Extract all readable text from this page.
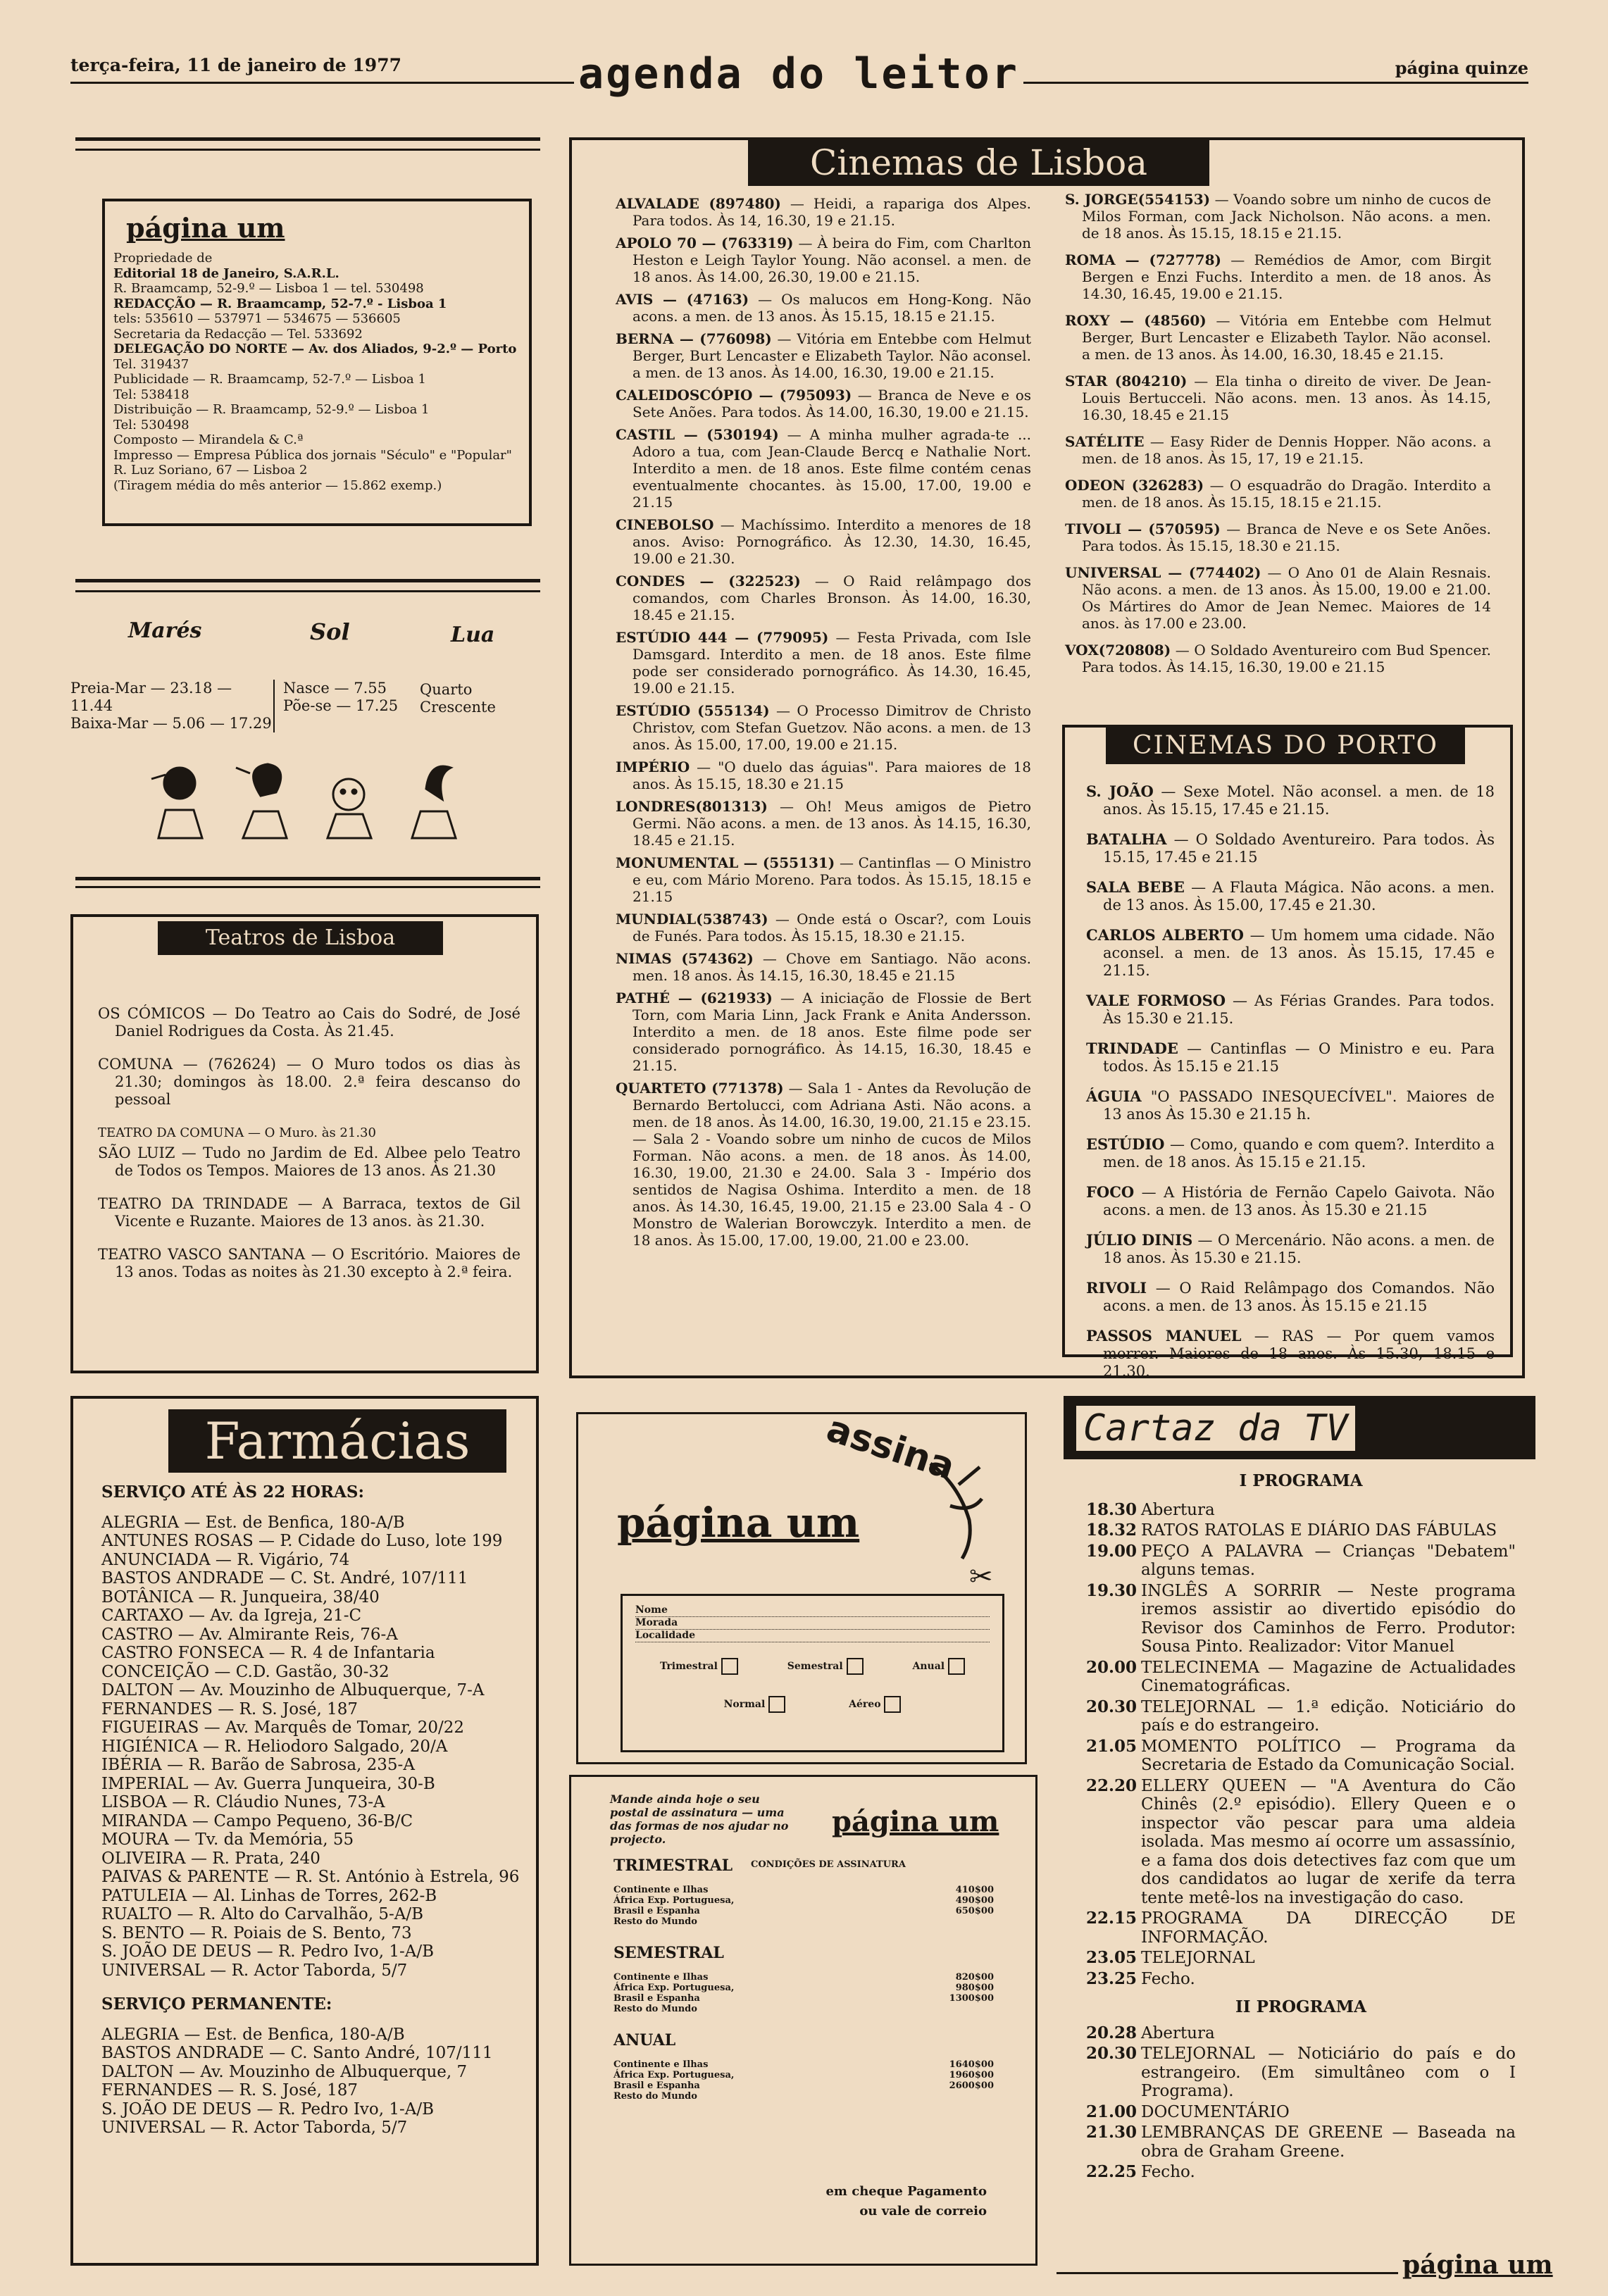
terça-feira, 11 de janeiro de 1977	agenda do leitor	página quinze
página um
Propriedade de
Editorial 18 de Janeiro, S.A.R.L.
R. Braamcamp, 52-9.º — Lisboa 1 — tel. 530498
REDACÇÃO — R. Braamcamp, 52-7.º - Lisboa 1
tels: 535610 — 537971 — 534675 — 536605
Secretaria da Redacção — Tel. 533692
DELEGAÇÃO DO NORTE — Av. dos Aliados, 9-2.º — Porto
Tel. 319437
Publicidade — R. Braamcamp, 52-7.º — Lisboa 1
Tel: 538418
Distribuição — R. Braamcamp, 52-9.º — Lisboa 1
Tel: 530498
Composto — Mirandela & C.ª
Impresso — Empresa Pública dos jornais "Século" e "Popular"
R. Luz Soriano, 67 — Lisboa 2
(Tiragem média do mês anterior — 15.862 exemp.)
Marés	Sol	Lua
Preia-Mar — 23.18 — 11.44
Baixa-Mar — 5.06 — 17.29
Nasce — 7.55
Põe-se — 17.25
Quarto Crescente
Teatros de Lisboa
OS CÓMICOS — Do Teatro ao Cais do Sodré, de José Daniel Rodrigues da Costa. Às 21.45.
COMUNA — (762624) — O Muro todos os dias às 21.30; domingos às 18.00. 2.ª feira descanso do pessoal
TEATRO DA COMUNA — O Muro. às 21.30
SÃO LUIZ — Tudo no Jardim de Ed. Albee pelo Teatro de Todos os Tempos. Maiores de 13 anos. Às 21.30
TEATRO DA TRINDADE — A Barraca, textos de Gil Vicente e Ruzante. Maiores de 13 anos. às 21.30.
TEATRO VASCO SANTANA — O Escritório. Maiores de 13 anos. Todas as noites às 21.30 excepto à 2.ª feira.
Cinemas de Lisboa
ALVALADE (897480) — Heidi, a rapariga dos Alpes. Para todos. Às 14, 16.30, 19 e 21.15.
APOLO 70 — (763319) — À beira do Fim, com Charlton Heston e Leigh Taylor Young. Não aconsel. a men. de 18 anos. Às 14.00, 26.30, 19.00 e 21.15.
AVIS — (47163) — Os malucos em Hong-Kong. Não acons. a men. de 13 anos. Às 15.15, 18.15 e 21.15.
BERNA — (776098) — Vitória em Entebbe com Helmut Berger, Burt Lencaster e Elizabeth Taylor. Não aconsel. a men. de 13 anos. Às 14.00, 16.30, 19.00 e 21.15.
CALEIDOSCÓPIO — (795093) — Branca de Neve e os Sete Anões. Para todos. Às 14.00, 16.30, 19.00 e 21.15.
CASTIL — (530194) — A minha mulher agrada-te ... Adoro a tua, com Jean-Claude Bercq e Nathalie Nort. Interdito a men. de 18 anos. Este filme contém cenas eventualmente chocantes. às 15.00, 17.00, 19.00 e 21.15
CINEBOLSO — Machíssimo. Interdito a menores de 18 anos. Aviso: Pornográfico. Às 12.30, 14.30, 16.45, 19.00 e 21.30.
CONDES — (322523) — O Raid relâmpago dos comandos, com Charles Bronson. Às 14.00, 16.30, 18.45 e 21.15.
ESTÚDIO 444 — (779095) — Festa Privada, com Isle Damsgard. Interdito a men. de 18 anos. Este filme pode ser considerado pornográfico. Às 14.30, 16.45, 19.00 e 21.15.
ESTÚDIO (555134) — O Processo Dimitrov de Christo Christov, com Stefan Guetzov. Não acons. a men. de 13 anos. Às 15.00, 17.00, 19.00 e 21.15.
IMPÉRIO — "O duelo das águias". Para maiores de 18 anos. Às 15.15, 18.30 e 21.15
LONDRES(801313) — Oh! Meus amigos de Pietro Germi. Não acons. a men. de 13 anos. Às 14.15, 16.30, 18.45 e 21.15.
MONUMENTAL — (555131) — Cantinflas — O Ministro e eu, com Mário Moreno. Para todos. Às 15.15, 18.15 e 21.15
MUNDIAL(538743) — Onde está o Oscar?, com Louis de Funés. Para todos. Às 15.15, 18.30 e 21.15.
NIMAS (574362) — Chove em Santiago. Não acons. men. 18 anos. Às 14.15, 16.30, 18.45 e 21.15
PATHÉ — (621933) — A iniciação de Flossie de Bert Torn, com Maria Linn, Jack Frank e Anita Andersson. Interdito a men. de 18 anos. Este filme pode ser considerado pornográfico. Às 14.15, 16.30, 18.45 e 21.15.
QUARTETO (771378) — Sala 1 - Antes da Revolução de Bernardo Bertolucci, com Adriana Asti. Não acons. a men. de 18 anos. Às 14.00, 16.30, 19.00, 21.15 e 23.15. — Sala 2 - Voando sobre um ninho de cucos de Milos Forman. Não acons. a men. de 18 anos. Às 14.00, 16.30, 19.00, 21.30 e 24.00. Sala 3 - Império dos sentidos de Nagisa Oshima. Interdito a men. de 18 anos. Às 14.30, 16.45, 19.00, 21.15 e 23.00 Sala 4 - O Monstro de Walerian Borowczyk. Interdito a men. de 18 anos. Às 15.00, 17.00, 19.00, 21.00 e 23.00.
S. JORGE(554153) — Voando sobre um ninho de cucos de Milos Forman, com Jack Nicholson. Não acons. a men. de 18 anos. Às 15.15, 18.15 e 21.15.
ROMA — (727778) — Remédios de Amor, com Birgit Bergen e Enzi Fuchs. Interdito a men. de 18 anos. Às 14.30, 16.45, 19.00 e 21.15.
ROXY — (48560) — Vitória em Entebbe com Helmut Berger, Burt Lencaster e Elizabeth Taylor. Não aconsel. a men. de 13 anos. Às 14.00, 16.30, 18.45 e 21.15.
STAR (804210) — Ela tinha o direito de viver. De Jean-Louis Bertucceli. Não acons. men. 13 anos. Às 14.15, 16.30, 18.45 e 21.15
SATÉLITE — Easy Rider de Dennis Hopper. Não acons. a men. de 18 anos. Às 15, 17, 19 e 21.15.
ODEON (326283) — O esquadrão do Dragão. Interdito a men. de 18 anos. Às 15.15, 18.15 e 21.15.
TIVOLI — (570595) — Branca de Neve e os Sete Anões. Para todos. Às 15.15, 18.30 e 21.15.
UNIVERSAL — (774402) — O Ano 01 de Alain Resnais. Não acons. a men. de 13 anos. Às 15.00, 19.00 e 21.00. Os Mártires do Amor de Jean Nemec. Maiores de 14 anos. às 17.00 e 23.00.
VOX(720808) — O Soldado Aventureiro com Bud Spencer. Para todos. Às 14.15, 16.30, 19.00 e 21.15
CINEMAS DO PORTO
S. JOÃO — Sexe Motel. Não aconsel. a men. de 18 anos. Às 15.15, 17.45 e 21.15.
BATALHA — O Soldado Aventureiro. Para todos. Às 15.15, 17.45 e 21.15
SALA BEBE — A Flauta Mágica. Não acons. a men. de 13 anos. Às 15.00, 17.45 e 21.30.
CARLOS ALBERTO — Um homem uma cidade. Não aconsel. a men. de 13 anos. Às 15.15, 17.45 e 21.15.
VALE FORMOSO — As Férias Grandes. Para todos. Às 15.30 e 21.15.
TRINDADE — Cantinflas — O Ministro e eu. Para todos. Às 15.15 e 21.15
ÁGUIA "O PASSADO INESQUECÍVEL". Maiores de 13 anos Às 15.30 e 21.15 h.
ESTÚDIO — Como, quando e com quem?. Interdito a men. de 18 anos. Às 15.15 e 21.15.
FOCO — A História de Fernão Capelo Gaivota. Não acons. a men. de 13 anos. Às 15.30 e 21.15
JÚLIO DINIS — O Mercenário. Não acons. a men. de 18 anos. Às 15.30 e 21.15.
RIVOLI — O Raid Relâmpago dos Comandos. Não acons. a men. de 13 anos. Às 15.15 e 21.15
PASSOS MANUEL — RAS — Por quem vamos morrer. Maiores de 18 anos. Às 15.30, 18.15 e 21.30.
Farmácias
SERVIÇO ATÉ ÀS 22 HORAS:
ALEGRIA — Est. de Benfica, 180-A/B
ANTUNES ROSAS — P. Cidade do Luso, lote 199
ANUNCIADA — R. Vigário, 74
BASTOS ANDRADE — C. St. André, 107/111
BOTÂNICA — R. Junqueira, 38/40
CARTAXO — Av. da Igreja, 21-C
CASTRO — Av. Almirante Reis, 76-A
CASTRO FONSECA — R. 4 de Infantaria
CONCEIÇÃO — C.D. Gastão, 30-32
DALTON — Av. Mouzinho de Albuquerque, 7-A
FERNANDES — R. S. José, 187
FIGUEIRAS — Av. Marquês de Tomar, 20/22
HIGIÉNICA — R. Heliodoro Salgado, 20/A
IBÉRIA — R. Barão de Sabrosa, 235-A
IMPERIAL — Av. Guerra Junqueira, 30-B
LISBOA — R. Cláudio Nunes, 73-A
MIRANDA — Campo Pequeno, 36-B/C
MOURA — Tv. da Memória, 55
OLIVEIRA — R. Prata, 240
PAIVAS & PARENTE — R. St. António à Estrela, 96
PATULEIA — Al. Linhas de Torres, 262-B
RUALTO — R. Alto do Carvalhão, 5-A/B
S. BENTO — R. Poiais de S. Bento, 73
S. JOÃO DE DEUS — R. Pedro Ivo, 1-A/B
UNIVERSAL — R. Actor Taborda, 5/7
SERVIÇO PERMANENTE:
ALEGRIA — Est. de Benfica, 180-A/B
BASTOS ANDRADE — C. Santo André, 107/111
DALTON — Av. Mouzinho de Albuquerque, 7
FERNANDES — R. S. José, 187
S. JOÃO DE DEUS — R. Pedro Ivo, 1-A/B
UNIVERSAL — R. Actor Taborda, 5/7
assina
página um
✂
Nome
Morada
Localidade
Trimestral	Semestral	Anual
Normal	Aéreo
Mande ainda hoje o seu postal de assinatura — uma das formas de nos ajudar no projecto.
página um
CONDIÇÕES DE ASSINATURA
TRIMESTRAL
Continente e Ilhas	410$00
África Exp. Portuguesa,	490$00
Brasil e Espanha	650$00
Resto do Mundo
SEMESTRAL
Continente e Ilhas	820$00
África Exp. Portuguesa,	980$00
Brasil e Espanha	1300$00
Resto do Mundo
ANUAL
Continente e Ilhas	1640$00
África Exp. Portuguesa,	1960$00
Brasil e Espanha	2600$00
Resto do Mundo
em cheque Pagamento ou vale de correio
Cartaz da TV
I PROGRAMA
18.30 Abertura
18.32 RATOS RATOLAS E DIÁRIO DAS FÁBULAS
19.00 PEÇO A PALAVRA — Crianças "Debatem" alguns temas.
19.30 INGLÊS A SORRIR — Neste programa iremos assistir ao divertido episódio do Revisor dos Caminhos de Ferro. Produtor: Sousa Pinto. Realizador: Vitor Manuel
20.00 TELECINEMA — Magazine de Actualidades Cinematográficas.
20.30 TELEJORNAL — 1.ª edição. Noticiário do país e do estrangeiro.
21.05 MOMENTO POLÍTICO — Programa da Secretaria de Estado da Comunicação Social.
22.20 ELLERY QUEEN — "A Aventura do Cão Chinês (2.º episódio). Ellery Queen e o inspector vão pescar para uma aldeia isolada. Mas mesmo aí ocorre um assassínio, e a fama dos dois detectives faz com que um dos candidatos ao lugar de xerife da terra tente metê-los na investigação do caso.
22.15 PROGRAMA DA DIRECÇÃO DE INFORMAÇÃO.
23.05 TELEJORNAL
23.25 Fecho.
II PROGRAMA
20.28 Abertura
20.30 TELEJORNAL — Noticiário do país e do estrangeiro. (Em simultâneo com o I Programa).
21.00 DOCUMENTÁRIO
21.30 LEMBRANÇAS DE GREENE — Baseada na obra de Graham Greene.
22.25 Fecho.
página um
